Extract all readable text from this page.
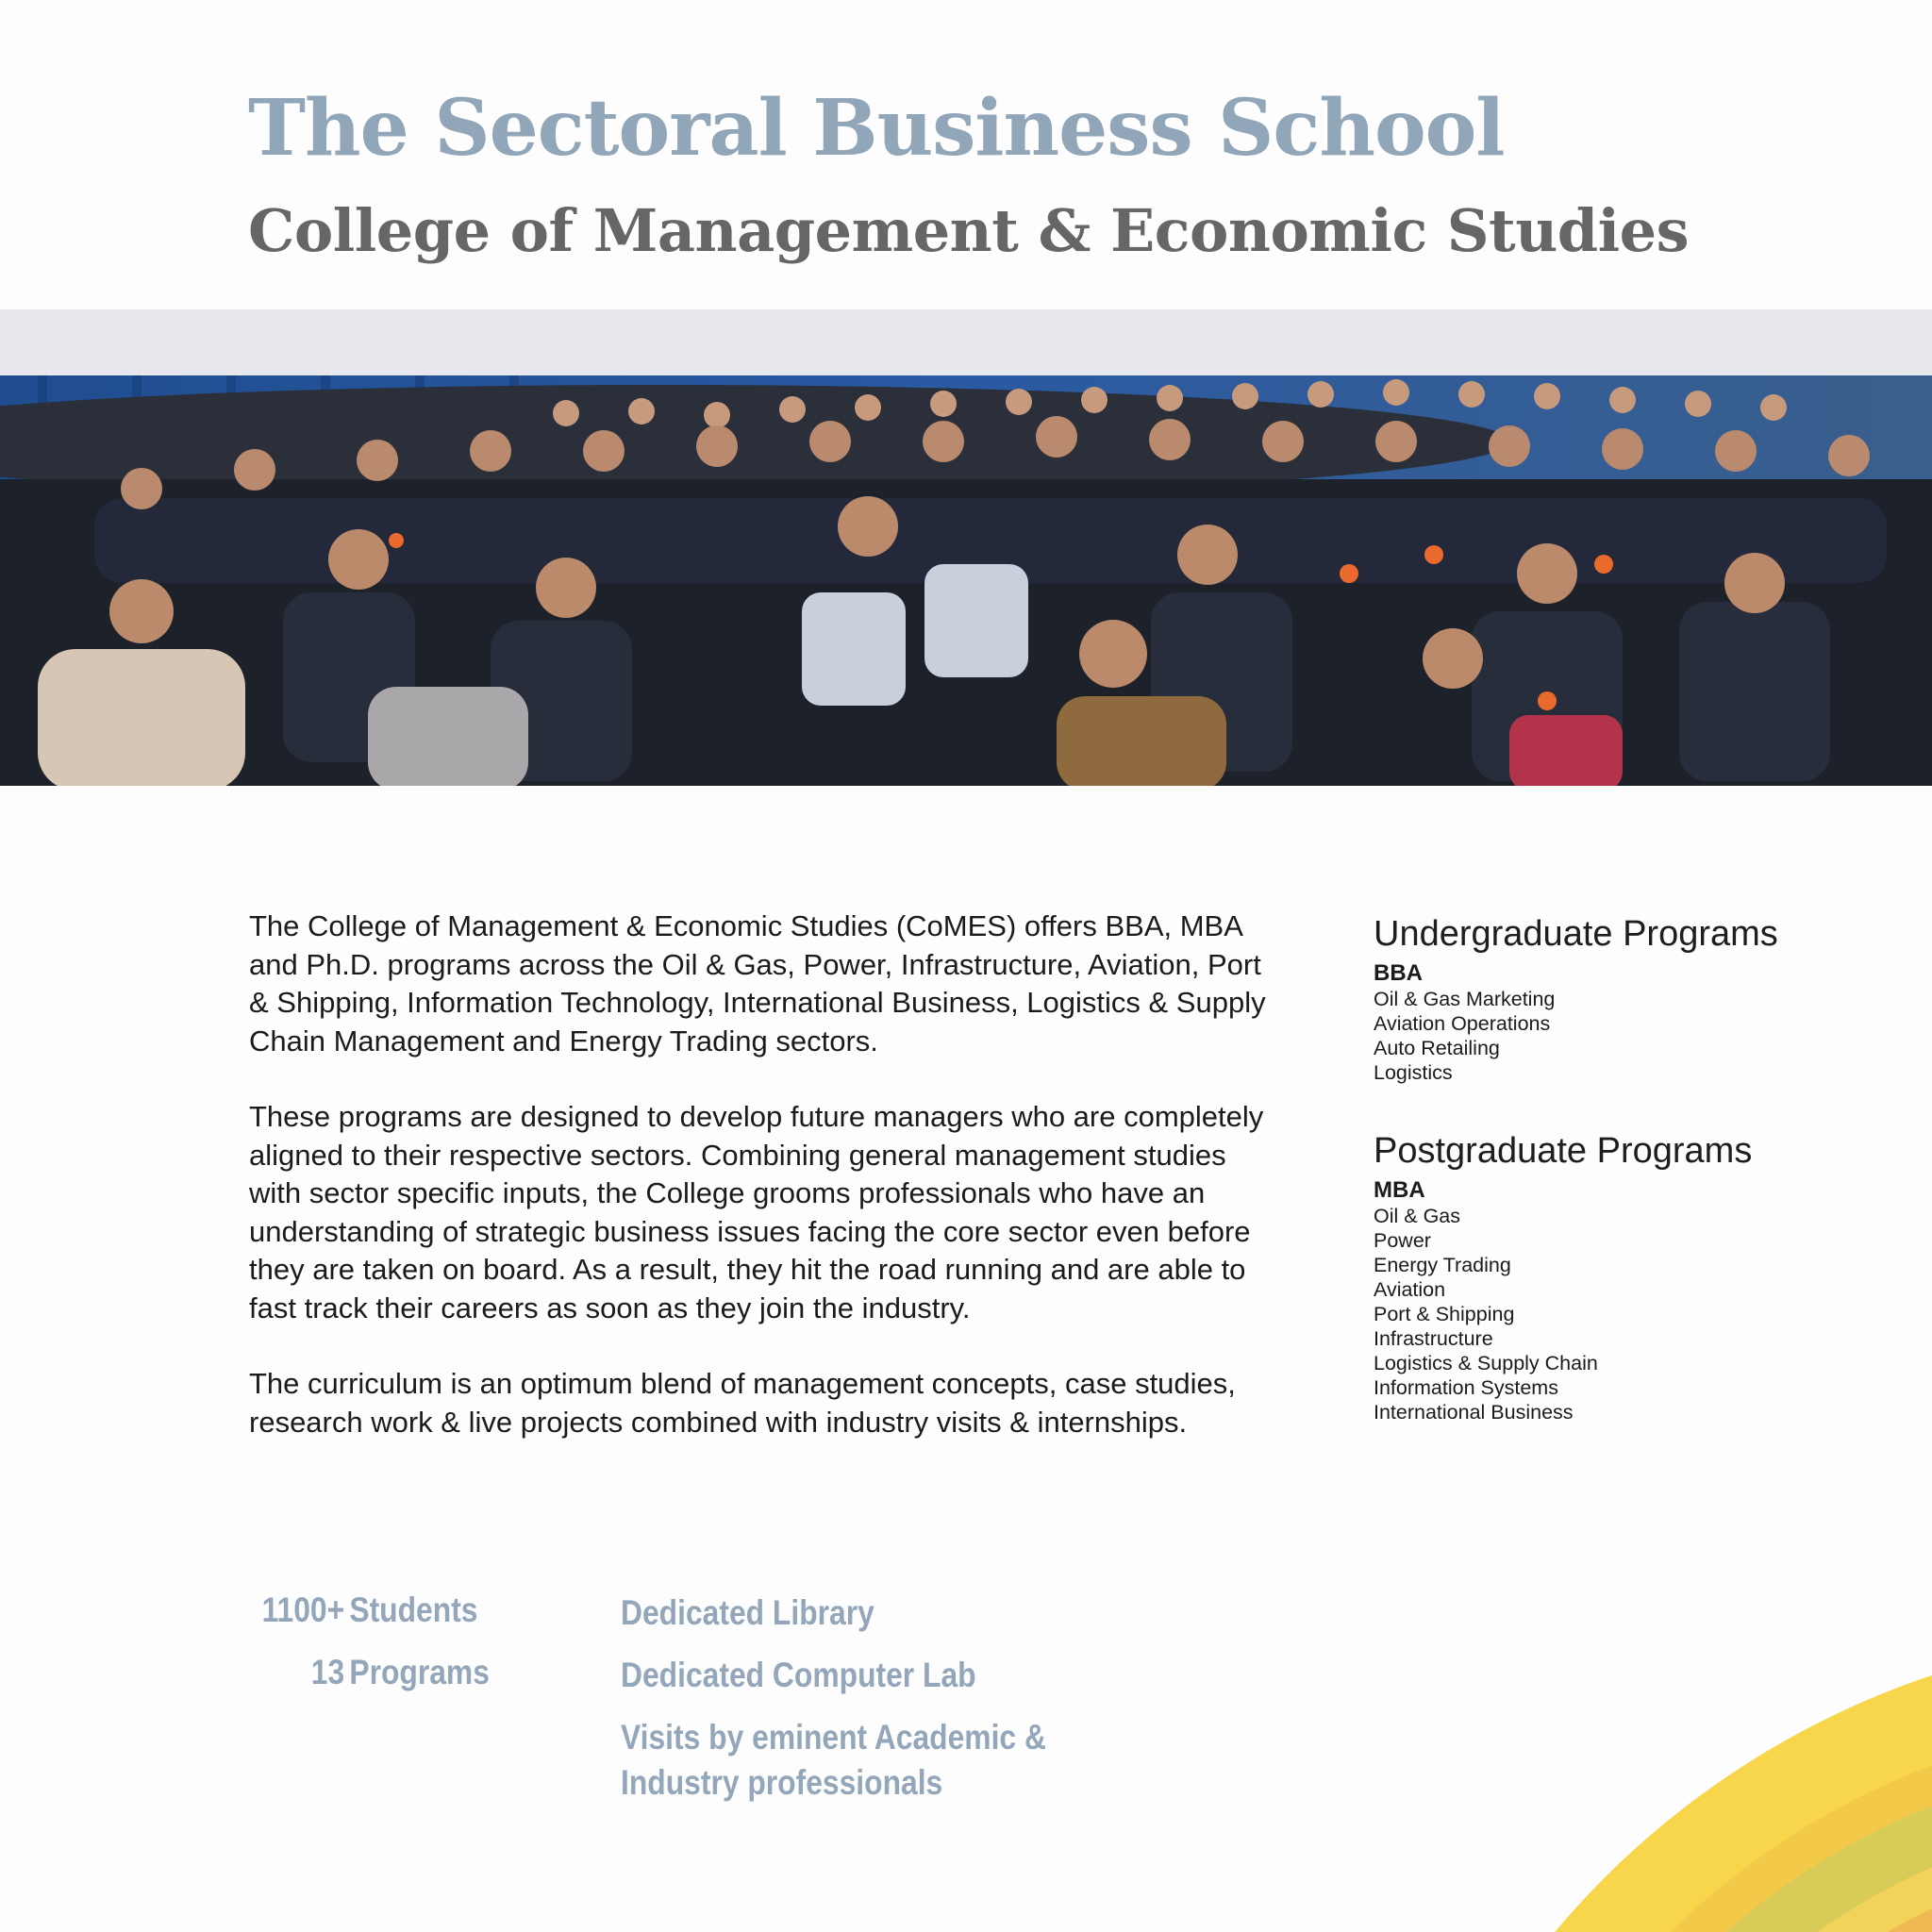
The Sectoral Business School
College of Management & Economic Studies

The College of Management & Economic Studies (CoMES) offers BBA, MBA and Ph.D. programs across the Oil & Gas, Power, Infrastructure, Aviation, Port & Shipping, Information Technology, International Business, Logistics & Supply Chain Management and Energy Trading sectors.

These programs are designed to develop future managers who are completely aligned to their respective sectors. Combining general management studies with sector specific inputs, the College grooms professionals who have an understanding of strategic business issues facing the core sector even before they are taken on board. As a result, they hit the road running and are able to fast track their careers as soon as they join the industry.

The curriculum is an optimum blend of management concepts, case studies, research work & live projects combined with industry visits & internships.

Undergraduate Programs

BBA

Oil & Gas Marketing
Aviation Operations
Auto Retailing
Logistics
Postgraduate Programs

MBA

Oil & Gas
Power
Energy Trading
Aviation
Port & Shipping
Infrastructure
Logistics & Supply Chain
Information Systems
International Business
1100+ Students
13 Programs
Dedicated Library
Dedicated Computer Lab
Visits by eminent Academic &
Industry professionals
